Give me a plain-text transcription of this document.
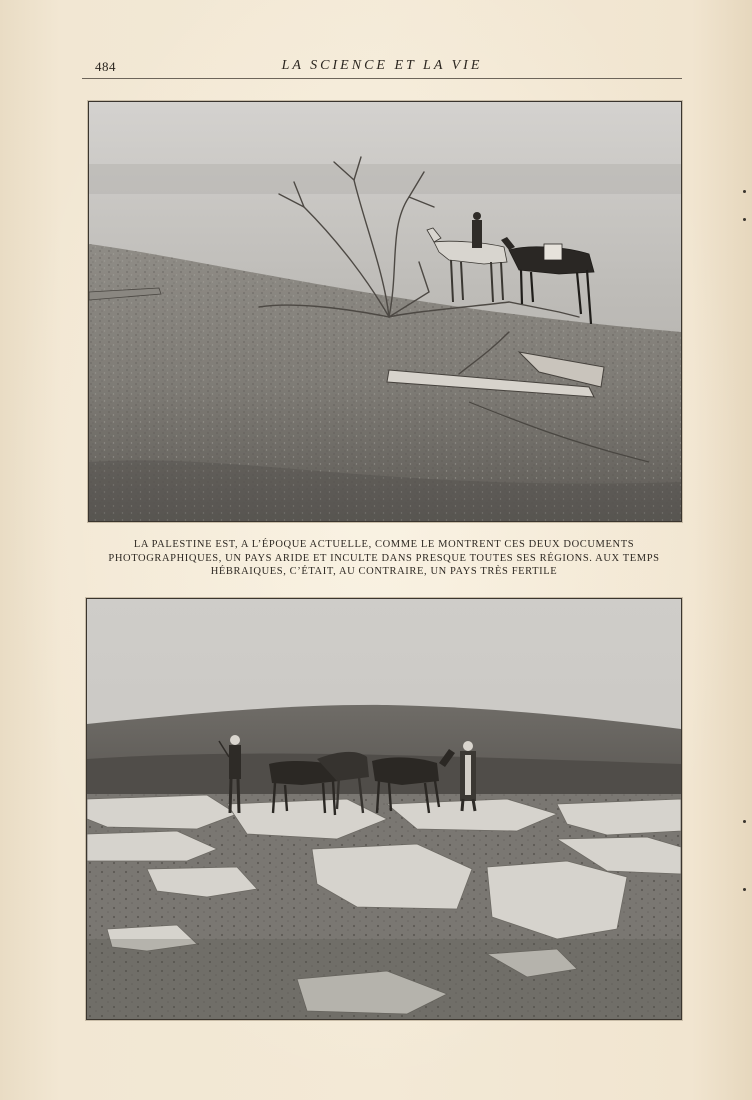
484	LA SCIENCE ET LA VIE
LA PALESTINE EST, A L’ÉPOQUE ACTUELLE, COMME LE MONTRENT CES DEUX DOCUMENTS PHOTOGRAPHIQUES, UN PAYS ARIDE ET INCULTE DANS PRESQUE TOUTES SES RÉGIONS. AUX TEMPS HÉBRAIQUES, C’ÉTAIT, AU CONTRAIRE, UN PAYS TRÈS FERTILE
